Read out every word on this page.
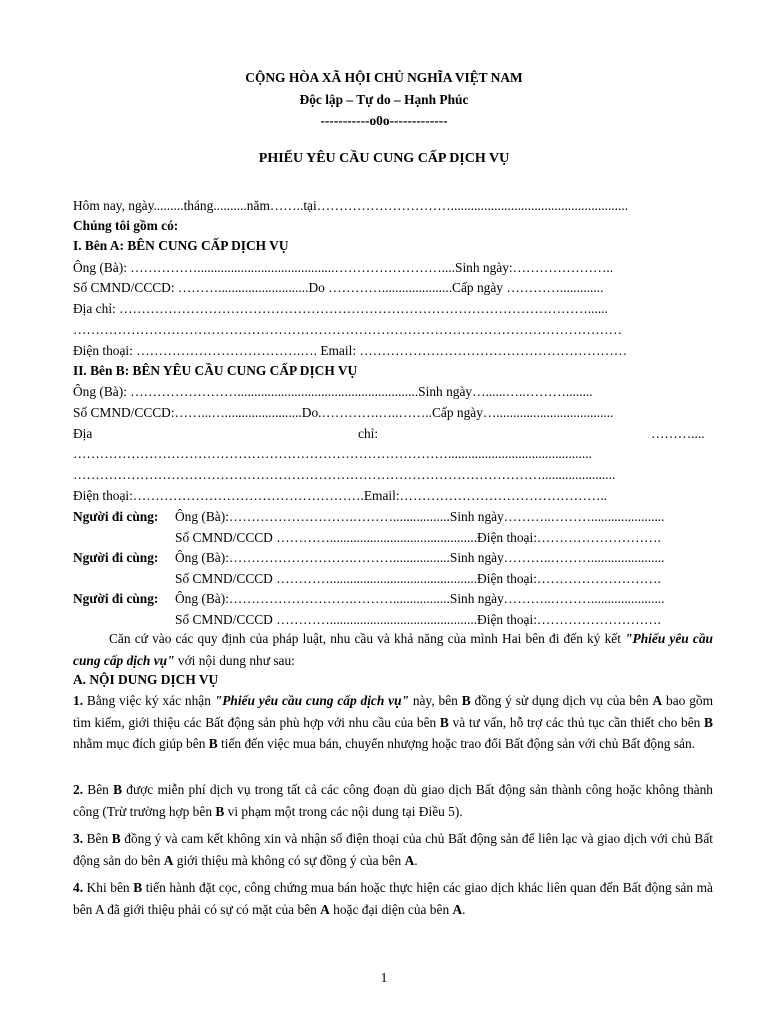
CỘNG HÒA XÃ HỘI CHỦ NGHĨA VIỆT NAM
Độc lập – Tự do – Hạnh Phúc
-----------o0o-------------
PHIẾU YÊU CẦU CUNG CẤP DỊCH VỤ
Hôm nay, ngày.........tháng..........năm……..tại………………………….....................................................
Chúng tôi gồm có:
I. Bên A: BÊN CUNG CẤP DỊCH VỤ
Ông (Bà): …………….........................................……………………....Sinh ngày:…………………..
Số CMND/CCCD: ………...........................Do ………….....................Cấp ngày ………….............
Địa chỉ: ……………………………………………………………………………………………......
……………………………………………………………………………………………………………
Điện thoại: ……………………………….…. Email: ……………………………………………………
II. Bên B: BÊN YÊU CẦU CUNG CẤP DỊCH VỤ
Ông (Bà): ……………………......................................................Sinh ngày…......…..………........
Số CMND/CCCD:……...….......................Do.………….…..……..Cấp ngày…...................................
Địa	chỉ:	………....
…………………………………………………………………………...........................................
……………………………………………………………………………………………......................
Điện thoại:…………………………………………….Email:………………………………………..
Người đi cùng: Ông (Bà):……………………….……….................Sinh ngày………..………......................
Số CMND/CCCD …………............................................Điện thoại:……………………….
Người đi cùng: Ông (Bà):……………………….……….................Sinh ngày………..………......................
Số CMND/CCCD …………............................................Điện thoại:……………………….
Người đi cùng: Ông (Bà):……………………….……….................Sinh ngày………..………......................
Số CMND/CCCD …………............................................Điện thoại:……………………….
Căn cứ vào các quy định của pháp luật, nhu cầu và khả năng của mình Hai bên đi đến ký kết "Phiếu yêu cầu cung cấp dịch vụ" với nội dung như sau:
A. NỘI DUNG DỊCH VỤ
1. Bằng việc ký xác nhận "Phiếu yêu cầu cung cấp dịch vụ" này, bên B đồng ý sử dụng dịch vụ của bên A bao gồm tìm kiếm, giới thiệu các Bất động sản phù hợp với nhu cầu của bên B và tư vấn, hỗ trợ các thủ tục cần thiết cho bên B nhằm mục đích giúp bên B tiến đến việc mua bán, chuyển nhượng hoặc trao đổi Bất động sản với chủ Bất động sản.
2. Bên B được miễn phí dịch vụ trong tất cả các công đoạn dù giao dịch Bất động sản thành công hoặc không thành công (Trừ trường hợp bên B vi phạm một trong các nội dung tại Điều 5).
3. Bên B đồng ý và cam kết không xin và nhận số điện thoại của chủ Bất động sản để liên lạc và giao dịch với chủ Bất động sản do bên A giới thiệu mà không có sự đồng ý của bên A.
4. Khi bên B tiến hành đặt cọc, công chứng mua bán hoặc thực hiện các giao dịch khác liên quan đến Bất động sản mà bên A đã giới thiệu phải có sự có mặt của bên A hoặc đại diện của bên A.
1
